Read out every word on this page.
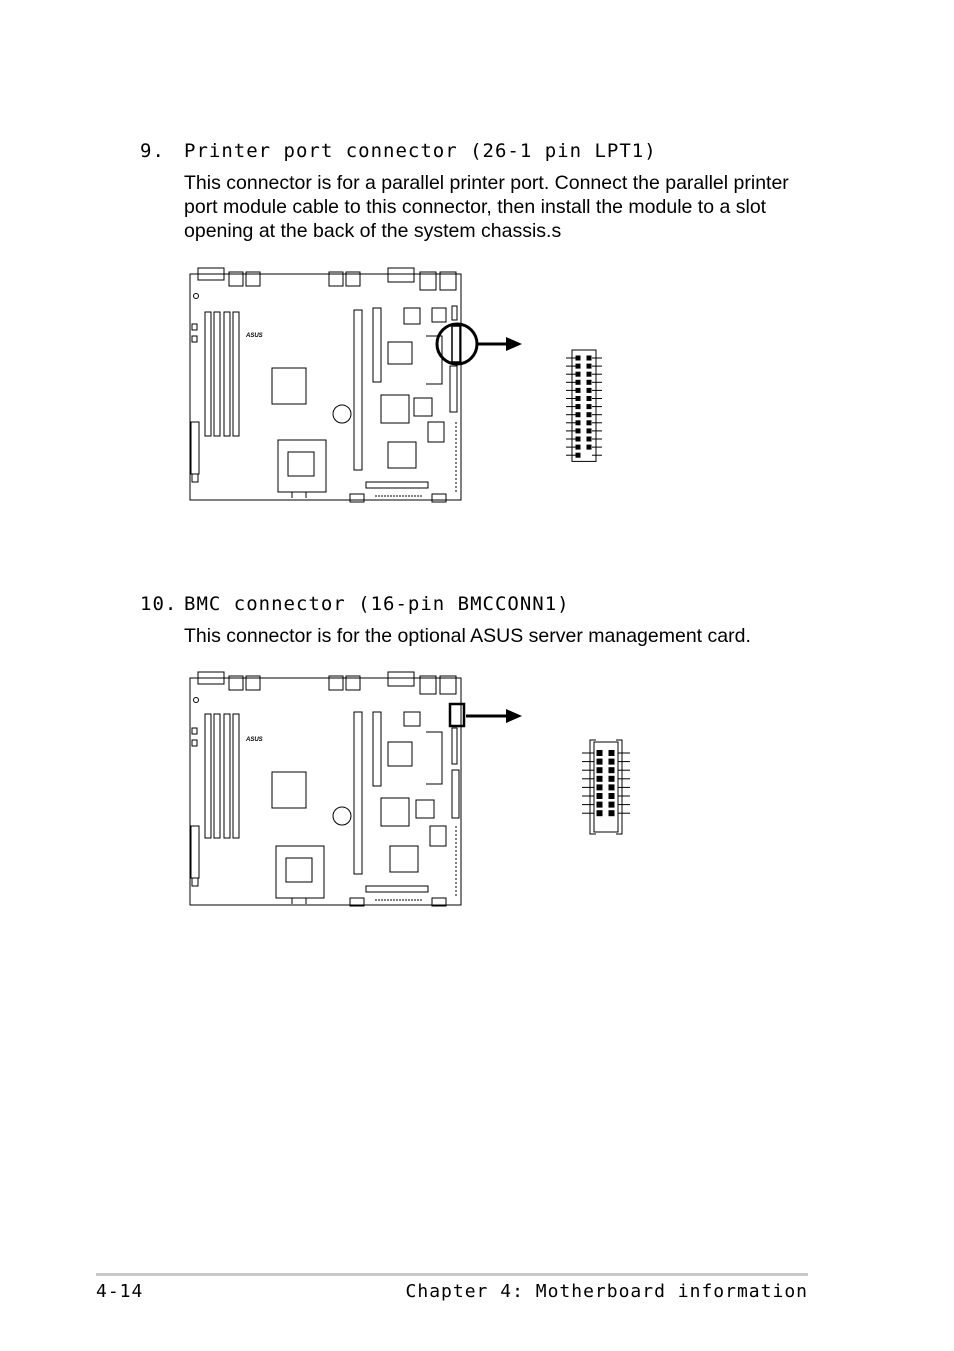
9. Printer port connector (26-1 pin LPT1)
This connector is for a parallel printer port. Connect the parallel printer port module cable to this connector, then install the module to a slot opening at the back of the system chassis.s
ASUS
10. BMC connector (16-pin BMCCONN1)
This connector is for the optional ASUS server management card.
ASUS
4-14	Chapter 4: Motherboard information
